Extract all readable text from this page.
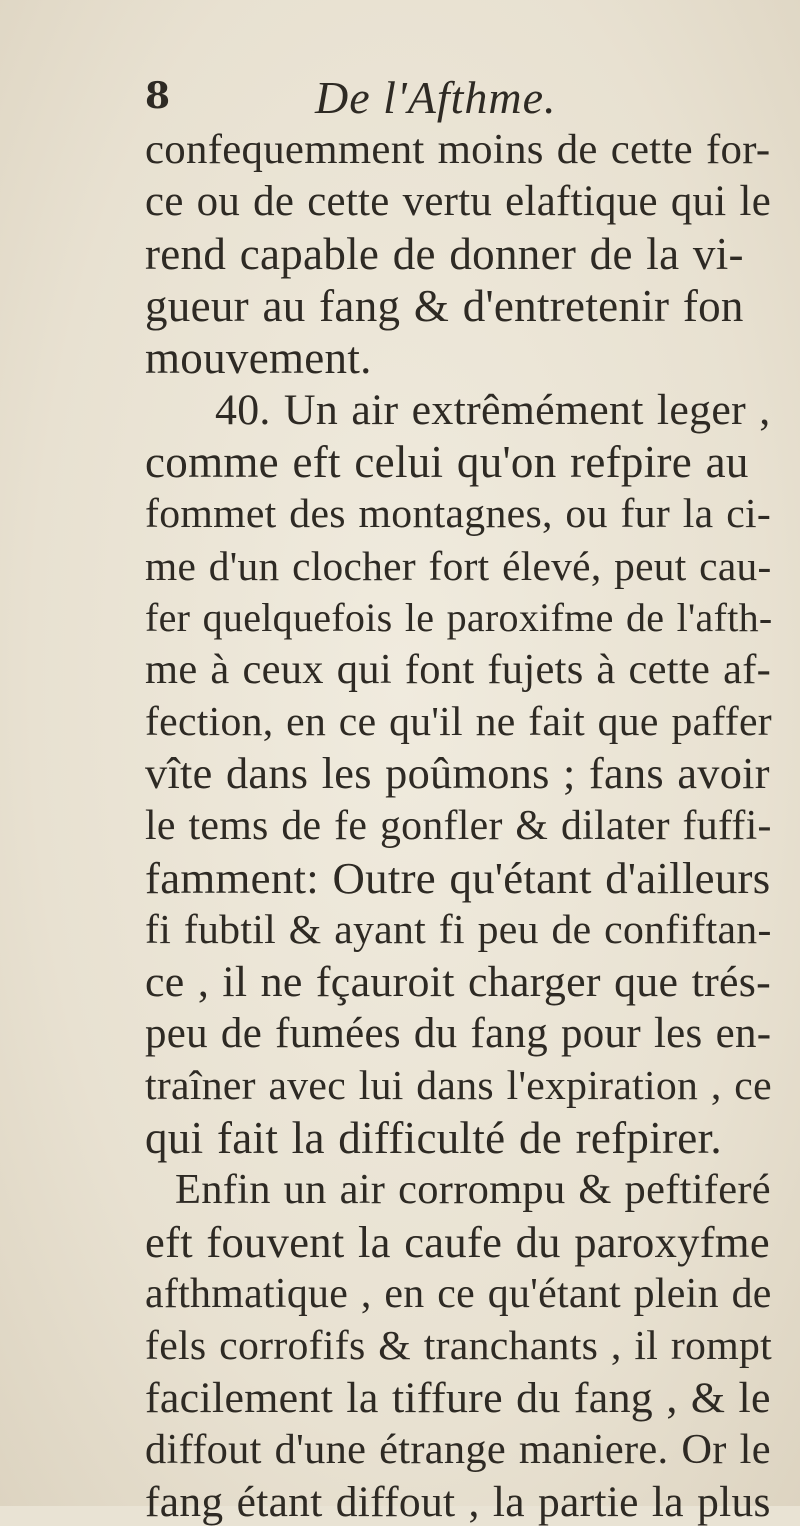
8	De l'Afthme.
confequemment moins de cette for-
ce ou de cette vertu elaftique qui le
rend capable de donner de la vi-
gueur au fang & d'entretenir fon
mouvement.
40. Un air extrêmément leger ,
comme eft celui qu'on refpire au
fommet des montagnes, ou fur la ci-
me d'un clocher fort élevé, peut cau-
fer quelquefois le paroxifme de l'afth-
me à ceux qui font fujets à cette af-
fection, en ce qu'il ne fait que paffer
vîte dans les poûmons ; fans avoir
le tems de fe gonfler & dilater fuffi-
famment: Outre qu'étant d'ailleurs
fi fubtil & ayant fi peu de confiftan-
ce , il ne fçauroit charger que trés-
peu de fumées du fang pour les en-
traîner avec lui dans l'expiration , ce
qui fait la difficulté de refpirer.
Enfin un air corrompu & peftiferé
eft fouvent la caufe du paroxyfme
afthmatique , en ce qu'étant plein de
fels corrofifs & tranchants , il rompt
facilement la tiffure du fang , & le
diffout d'une étrange maniere. Or le
fang étant diffout , la partie la plus
